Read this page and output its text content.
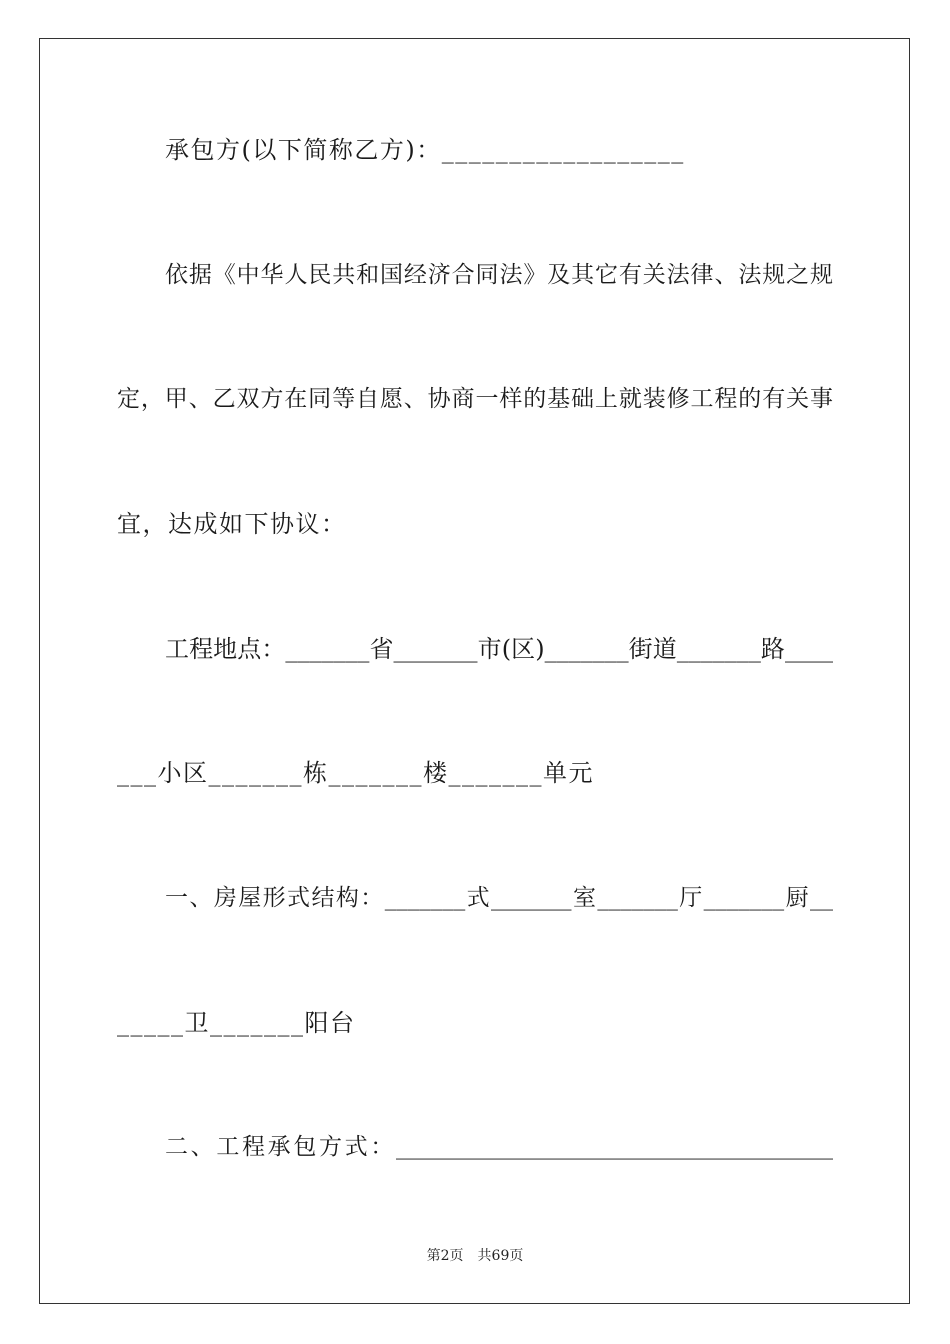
承包方(以下简称乙方)：__________________
依据《中华人民共和国经济合同法》及其它有关法律、法规之规
定，甲、乙双方在同等自愿、协商一样的基础上就装修工程的有关事
宜，达成如下协议：
工程地点：_______省_______市(区)_______街道_______路____
___小区_______栋_______楼_______单元
一、房屋形式结构：_______式_______室_______厅_______厨__
_____卫_______阳台
二、工程承包方式：______________________________________
第2页 共69页
